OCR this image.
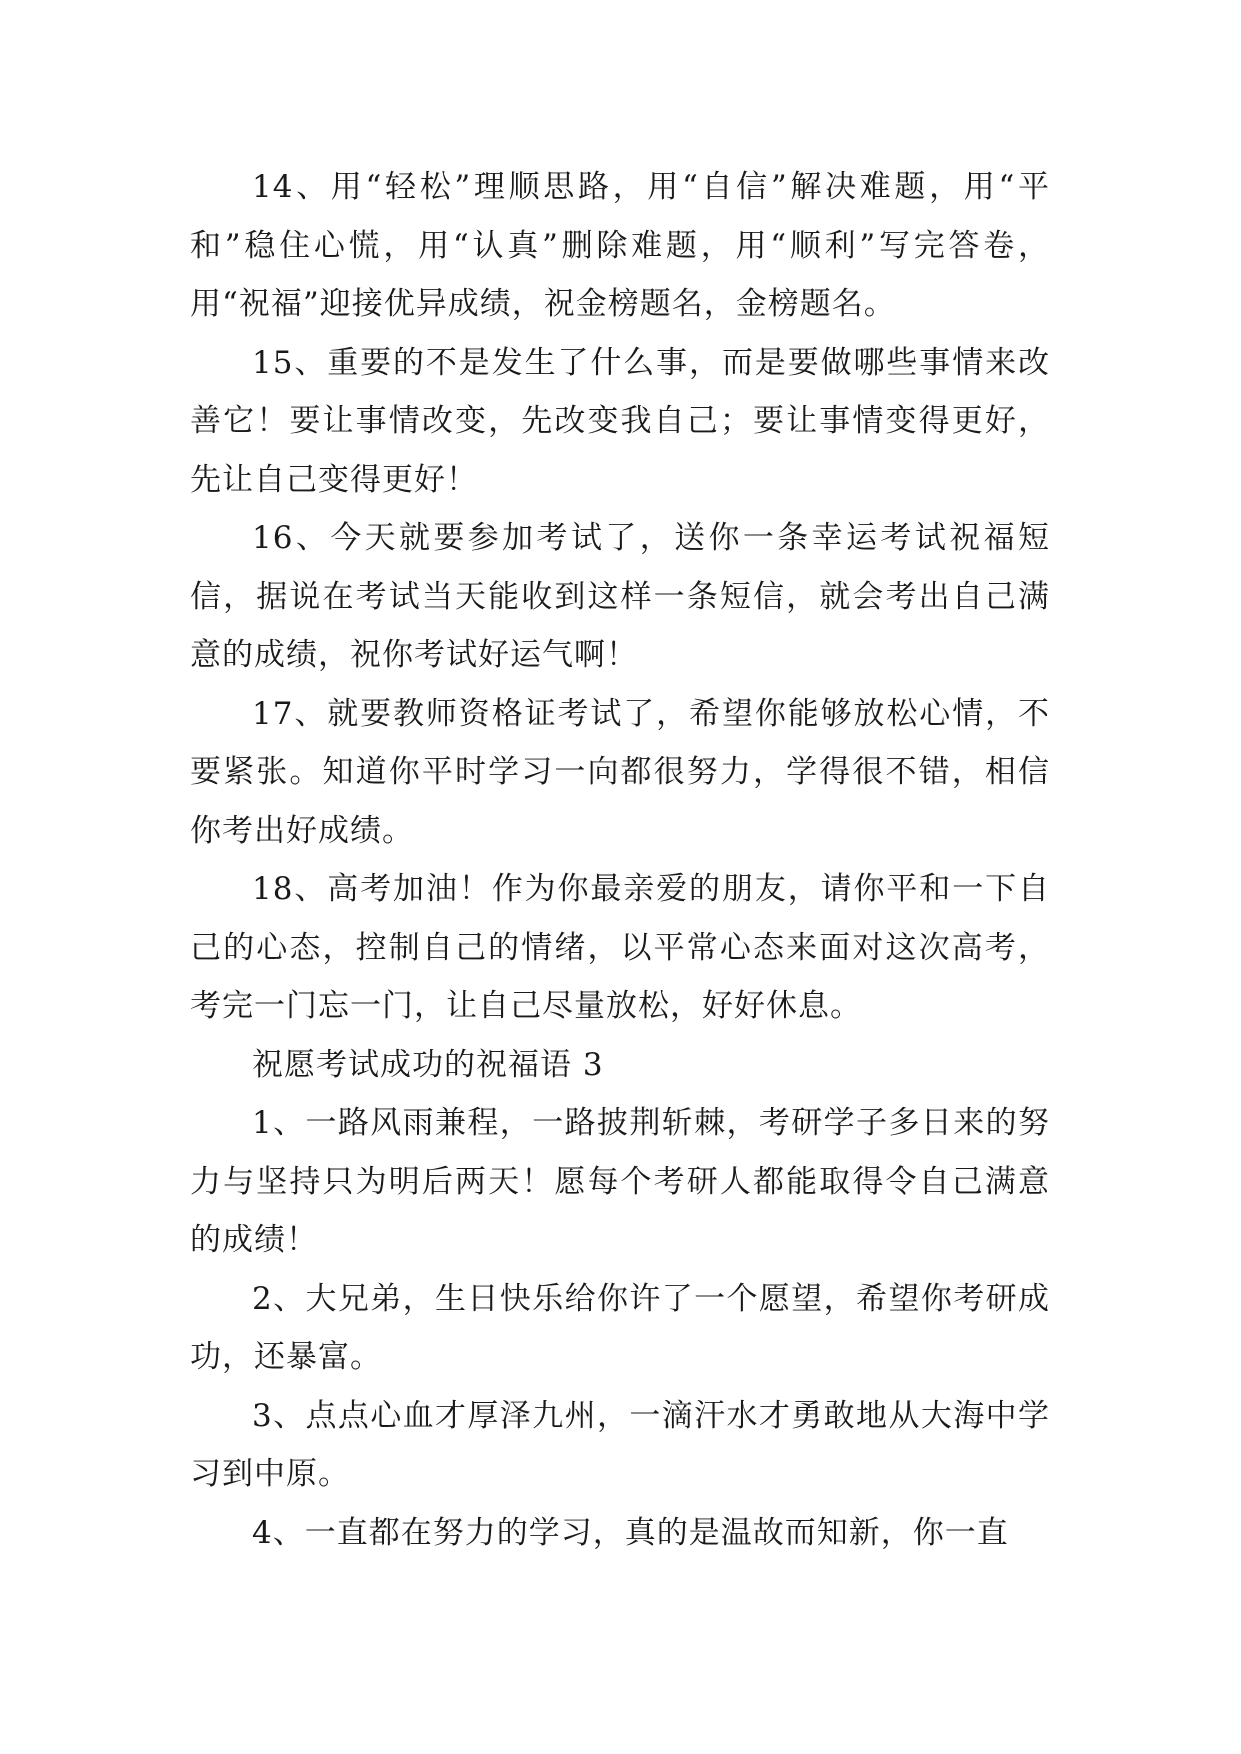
14、用“轻松”理顺思路，用“自信”解决难题，用“平和”稳住心慌，用“认真”删除难题，用“顺利”写完答卷，用“祝福”迎接优异成绩，祝金榜题名，金榜题名。

15、重要的不是发生了什么事，而是要做哪些事情来改善它！要让事情改变，先改变我自己；要让事情变得更好，先让自己变得更好！

16、今天就要参加考试了，送你一条幸运考试祝福短信，据说在考试当天能收到这样一条短信，就会考出自己满意的成绩，祝你考试好运气啊！

17、就要教师资格证考试了，希望你能够放松心情，不要紧张。知道你平时学习一向都很努力，学得很不错，相信你考出好成绩。

18、高考加油！作为你最亲爱的朋友，请你平和一下自己的心态，控制自己的情绪，以平常心态来面对这次高考，考完一门忘一门，让自己尽量放松，好好休息。

祝愿考试成功的祝福语 3

1、一路风雨兼程，一路披荆斩棘，考研学子多日来的努力与坚持只为明后两天！愿每个考研人都能取得令自己满意的成绩！

2、大兄弟，生日快乐给你许了一个愿望，希望你考研成功，还暴富。

3、点点心血才厚泽九州，一滴汗水才勇敢地从大海中学习到中原。

4、一直都在努力的学习，真的是温故而知新，你一直
